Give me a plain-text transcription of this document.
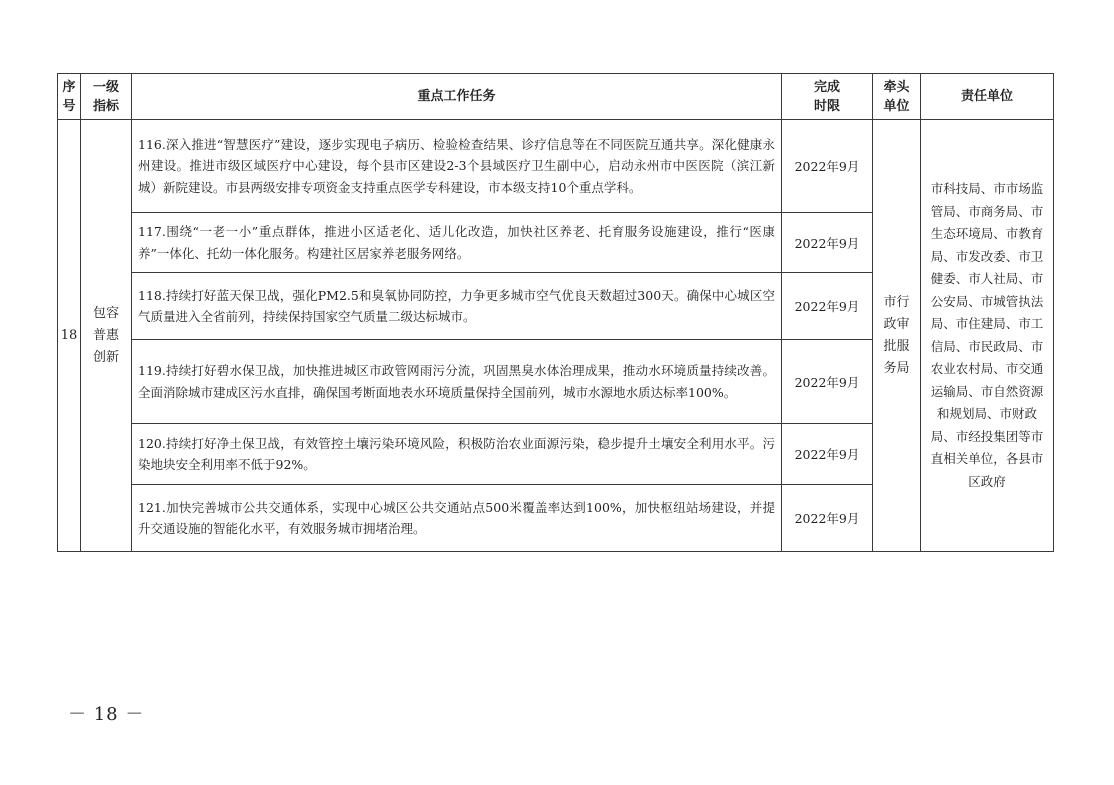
序号	一级指标	重点工作任务	完成时限	牵头单位	责任单位
18	包容普惠创新	116.深入推进“智慧医疗”建设，逐步实现电子病历、检验检查结果、诊疗信息等在不同医院互通共享。深化健康永州建设。推进市级区域医疗中心建设，每个县市区建设2-3个县域医疗卫生副中心，启动永州市中医医院（滨江新城）新院建设。市县两级安排专项资金支持重点医学专科建设，市本级支持10个重点学科。	2022年9月	市行政审批服务局	市科技局、市市场监管局、市商务局、市生态环境局、市教育局、市发改委、市卫健委、市人社局、市公安局、市城管执法局、市住建局、市工信局、市民政局、市农业农村局、市交通运输局、市自然资源和规划局、市财政局、市经投集团等市直相关单位，各县市区政府
		117.围绕“一老一小”重点群体，推进小区适老化、适儿化改造，加快社区养老、托育服务设施建设，推行“医康养”一体化、托幼一体化服务。构建社区居家养老服务网络。	2022年9月		
		118.持续打好蓝天保卫战，强化PM2.5和臭氧协同防控，力争更多城市空气优良天数超过300天。确保中心城区空气质量进入全省前列，持续保持国家空气质量二级达标城市。	2022年9月		
		119.持续打好碧水保卫战，加快推进城区市政管网雨污分流，巩固黑臭水体治理成果，推动水环境质量持续改善。全面消除城市建成区污水直排，确保国考断面地表水环境质量保持全国前列，城市水源地水质达标率100%。	2022年9月		
		120.持续打好净土保卫战，有效管控土壤污染环境风险，积极防治农业面源污染，稳步提升土壤安全利用水平。污染地块安全利用率不低于92%。	2022年9月		
		121.加快完善城市公共交通体系，实现中心城区公共交通站点500米覆盖率达到100%，加快枢纽站场建设，并提升交通设施的智能化水平，有效服务城市拥堵治理。	2022年9月		
－ 18 －
